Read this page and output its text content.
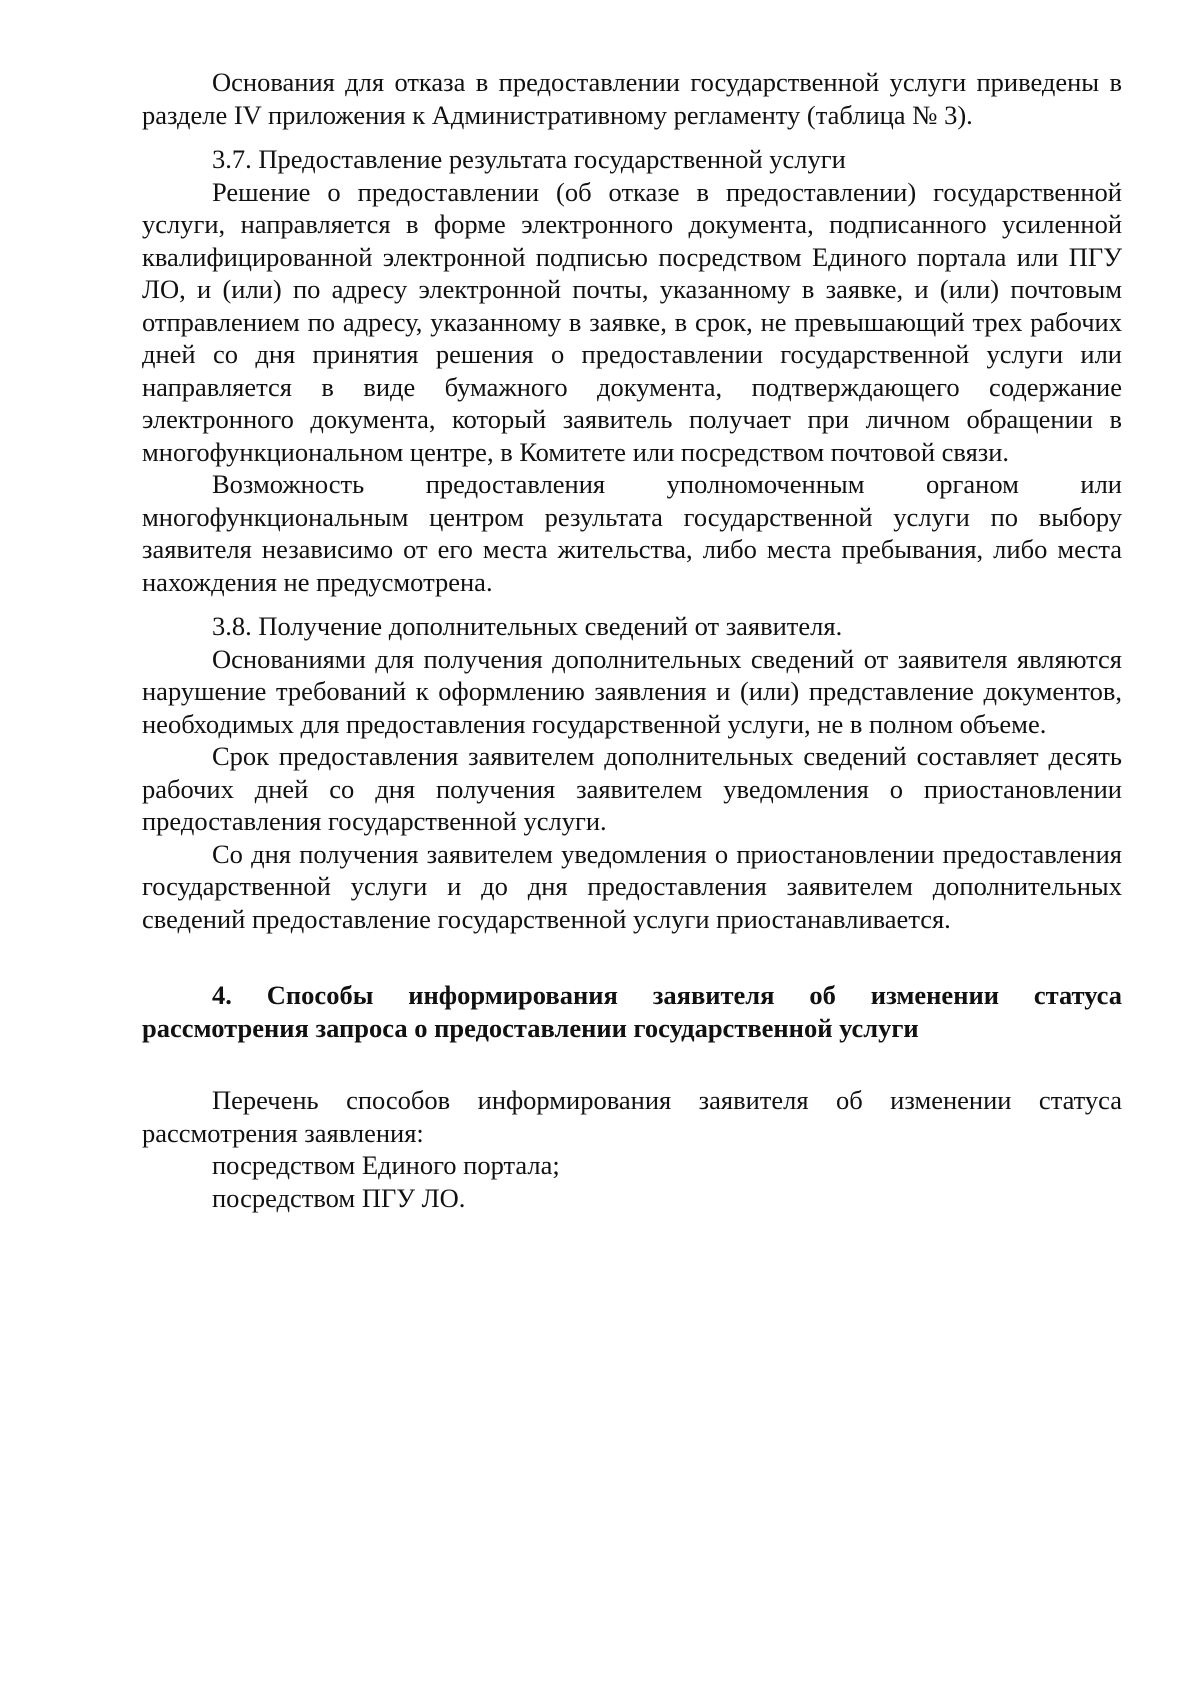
Основания для отказа в предоставлении государственной услуги приведены в разделе IV приложения к Административному регламенту (таблица № 3).

3.7. Предоставление результата государственной услуги

Решение о предоставлении (об отказе в предоставлении) государственной услуги, направляется в форме электронного документа, подписанного усиленной квалифицированной электронной подписью посредством Единого портала или ПГУ ЛО, и (или) по адресу электронной почты, указанному в заявке, и (или) почтовым отправлением по адресу, указанному в заявке, в срок, не превышающий трех рабочих дней со дня принятия решения о предоставлении государственной услуги или направляется в виде бумажного документа, подтверждающего содержание электронного документа, который заявитель получает при личном обращении в многофункциональном центре, в Комитете или посредством почтовой связи.

Возможность предоставления уполномоченным органом или многофункциональным центром результата государственной услуги по выбору заявителя независимо от его места жительства, либо места пребывания, либо места нахождения не предусмотрена.

3.8. Получение дополнительных сведений от заявителя.

Основаниями для получения дополнительных сведений от заявителя являются нарушение требований к оформлению заявления и (или) представление документов, необходимых для предоставления государственной услуги, не в полном объеме.

Срок предоставления заявителем дополнительных сведений составляет десять рабочих дней со дня получения заявителем уведомления о приостановлении предоставления государственной услуги.

Со дня получения заявителем уведомления о приостановлении предоставления государственной услуги и до дня предоставления заявителем дополнительных сведений предоставление государственной услуги приостанавливается.

4. Способы информирования заявителя об изменении статуса рассмотрения запроса о предоставлении государственной услуги

Перечень способов информирования заявителя об изменении статуса рассмотрения заявления:

посредством Единого портала;

посредством ПГУ ЛО.
